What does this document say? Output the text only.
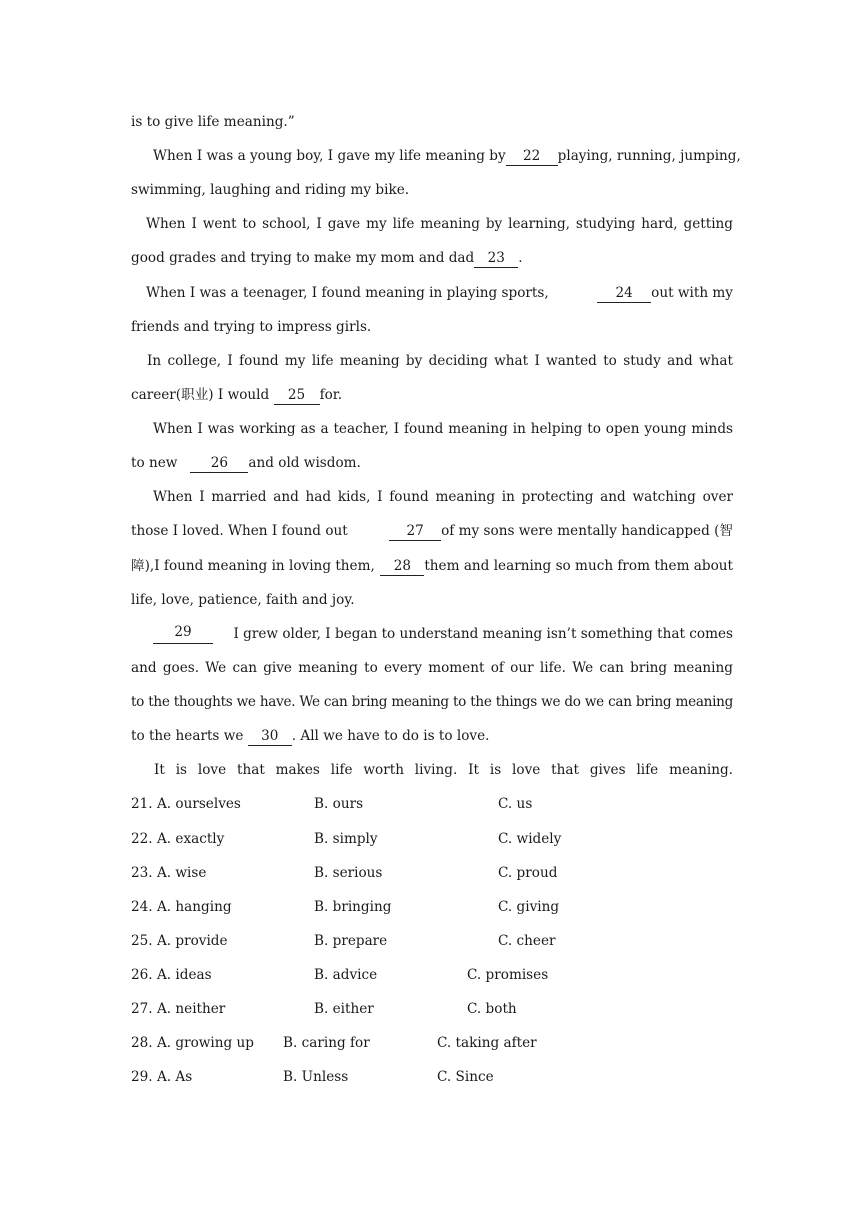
is to give life meaning.”
When I was a young boy, I gave my life meaning by 22 playing, running, jumping,
swimming, laughing and riding my bike.
When I went to school, I gave my life meaning by learning, studying hard, getting
good grades and trying to make my mom and dad 23 .
When I was a teenager, I found meaning in playing sports,	24 out with my
friends and trying to impress girls.
In college, I found my life meaning by deciding what I wanted to study and what
career(职业) I would 25 for.
When I was working as a teacher, I found meaning in helping to open young minds
to new 26 and old wisdom.
When I married and had kids, I found meaning in protecting and watching over
those I loved. When I found out	27 of my sons were mentally handicapped (智
障),I found meaning in loving them,	28 them and learning so much from them about
life, love, patience, faith and joy.
29	I grew older, I began to understand meaning isn’t something that comes
and goes. We can give meaning to every moment of our life. We can bring meaning
to the thoughts we have. We can bring meaning to the things we do we can bring meaning
to the hearts we 30 . All we have to do is to love.
It is love that makes life worth living. It is love that gives life meaning.
21. A. ourselves	B. ours	C. us
22. A. exactly	B. simply	C. widely
23. A. wise	B. serious	C. proud
24. A. hanging	B. bringing	C. giving
25. A. provide	B. prepare	C. cheer
26. A. ideas	B. advice	C. promises
27. A. neither	B. either	C. both
28. A. growing up B. caring for	C. taking after
29. A. As	B. Unless	C. Since
